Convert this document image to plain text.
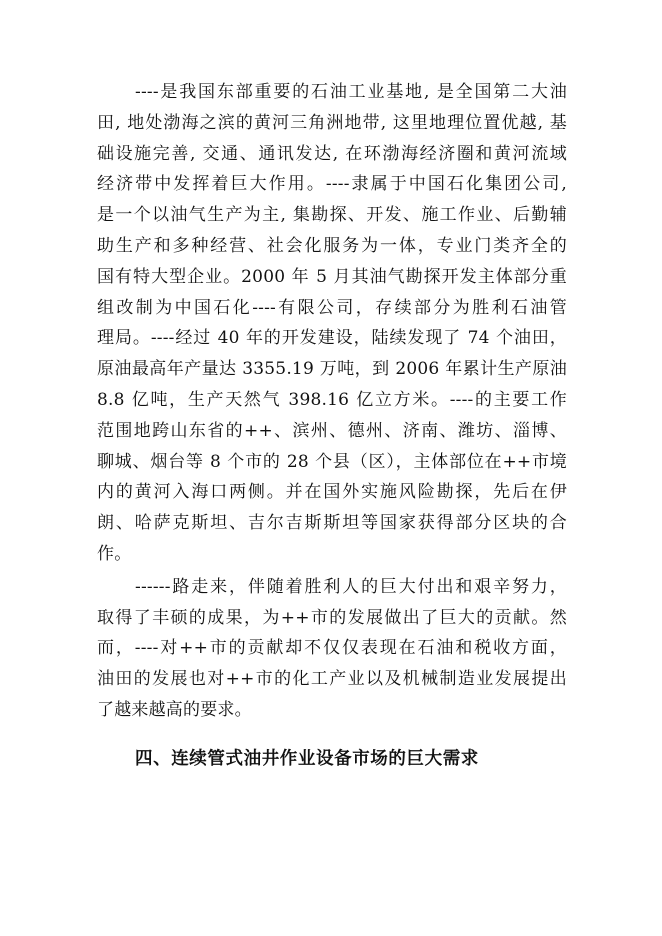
----是我国东部重要的石油工业基地, 是全国第二大油
田, 地处渤海之滨的黄河三角洲地带, 这里地理位置优越, 基
础设施完善, 交通、通讯发达, 在环渤海经济圈和黄河流域
经济带中发挥着巨大作用。----隶属于中国石化集团公司,
是一个以油气生产为主, 集勘探、开发、施工作业、后勤辅
助生产和多种经营、社会化服务为一体，专业门类齐全的
国有特大型企业。2000 年 5 月其油气勘探开发主体部分重
组改制为中国石化----有限公司，存续部分为胜利石油管
理局。----经过 40 年的开发建设，陆续发现了 74 个油田，
原油最高年产量达 3355.19 万吨，到 2006 年累计生产原油
8.8 亿吨，生产天然气 398.16 亿立方米。----的主要工作
范围地跨山东省的++、滨州、德州、济南、潍坊、淄博、
聊城、烟台等 8 个市的 28 个县（区），主体部位在++市境
内的黄河入海口两侧。并在国外实施风险勘探，先后在伊
朗、哈萨克斯坦、吉尔吉斯斯坦等国家获得部分区块的合
作。

------路走来，伴随着胜利人的巨大付出和艰辛努力，
取得了丰硕的成果，为++市的发展做出了巨大的贡献。然
而，----对++市的贡献却不仅仅表现在石油和税收方面，
油田的发展也对++市的化工产业以及机械制造业发展提出
了越来越高的要求。

四、连续管式油井作业设备市场的巨大需求
